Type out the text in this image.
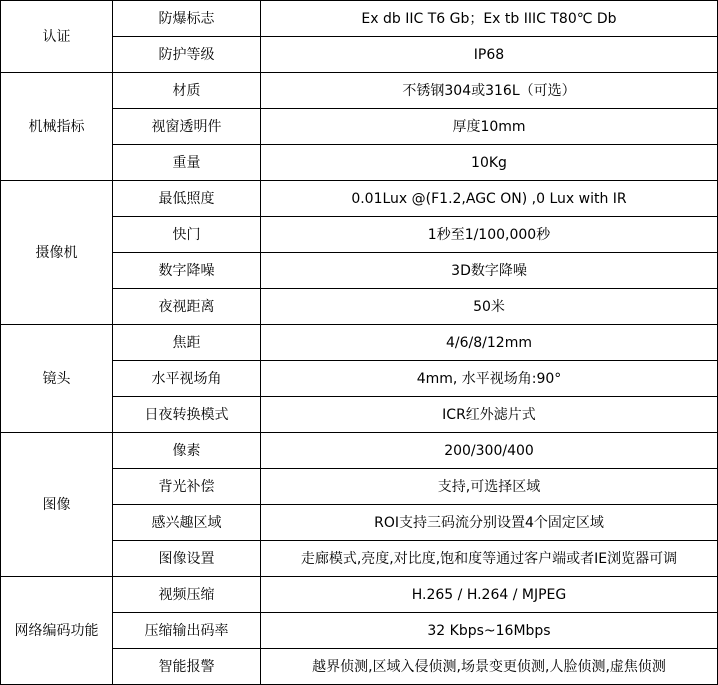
认证	防爆标志	Ex db IIC T6 Gb；Ex tb IIIC T80℃ Db
	防护等级	IP68
机械指标	材质	不锈钢304或316L（可选）
	视窗透明件	厚度10mm
	重量	10Kg
摄像机	最低照度	0.01Lux @(F1.2,AGC ON) ,0 Lux with IR
	快门	1秒至1/100,000秒
	数字降噪	3D数字降噪
	夜视距离	50米
镜头	焦距	4/6/8/12mm
	水平视场角	4mm, 水平视场角:90°
	日夜转换模式	ICR红外滤片式
图像	像素	200/300/400
	背光补偿	支持,可选择区域
	感兴趣区域	ROI支持三码流分别设置4个固定区域
	图像设置	走廊模式,亮度,对比度,饱和度等通过客户端或者IE浏览器可调
网络编码功能	视频压缩	H.265 / H.264 / MJPEG
	压缩输出码率	32 Kbps~16Mbps
	智能报警	越界侦测,区域入侵侦测,场景变更侦测,人脸侦测,虚焦侦测
